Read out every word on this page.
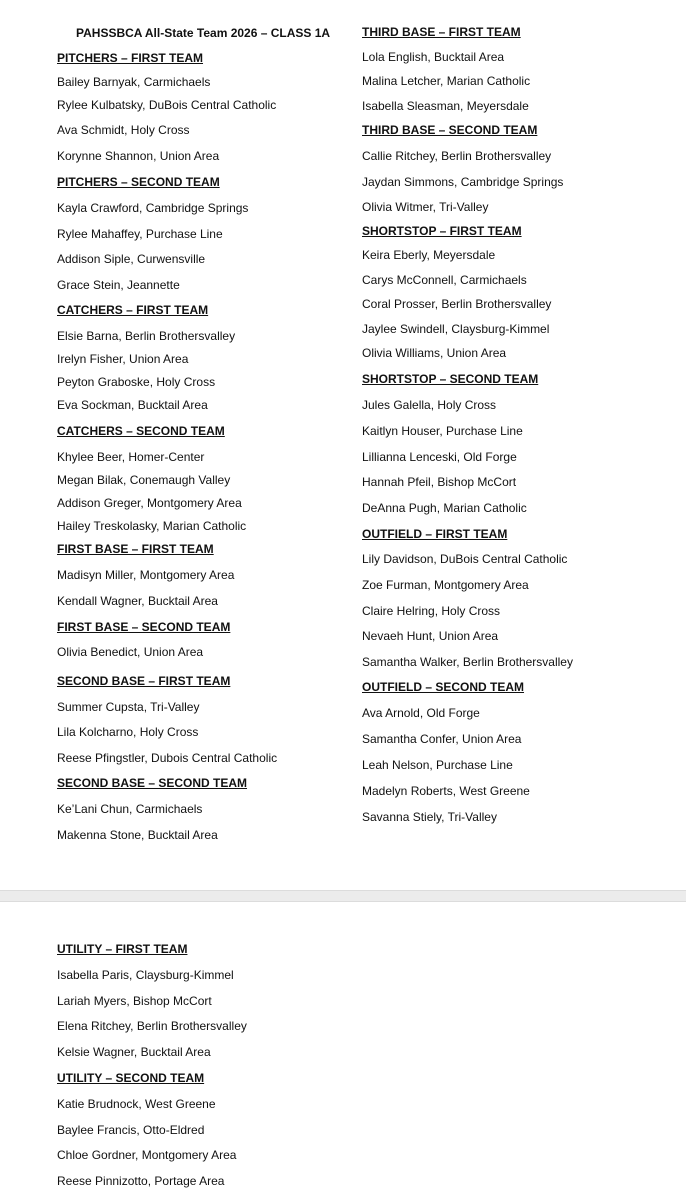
PAHSSBCA All-State Team 2026 – CLASS 1A
PITCHERS – FIRST TEAM
Bailey Barnyak, Carmichaels
Rylee Kulbatsky, DuBois Central Catholic
Ava Schmidt, Holy Cross
Korynne Shannon, Union Area
PITCHERS – SECOND TEAM
Kayla Crawford, Cambridge Springs
Rylee Mahaffey, Purchase Line
Addison Siple, Curwensville
Grace Stein, Jeannette
CATCHERS – FIRST TEAM
Elsie Barna, Berlin Brothersvalley
Irelyn Fisher, Union Area
Peyton Graboske, Holy Cross
Eva Sockman, Bucktail Area
CATCHERS – SECOND TEAM
Khylee Beer, Homer-Center
Megan Bilak, Conemaugh Valley
Addison Greger, Montgomery Area
Hailey Treskolasky, Marian Catholic
FIRST BASE – FIRST TEAM
Madisyn Miller, Montgomery Area
Kendall Wagner, Bucktail Area
FIRST BASE – SECOND TEAM
Olivia Benedict, Union Area
SECOND BASE – FIRST TEAM
Summer Cupsta, Tri-Valley
Lila Kolcharno, Holy Cross
Reese Pfingstler, Dubois Central Catholic
SECOND BASE – SECOND TEAM
Ke’Lani Chun, Carmichaels
Makenna Stone, Bucktail Area
THIRD BASE – FIRST TEAM
Lola English, Bucktail Area
Malina Letcher, Marian Catholic
Isabella Sleasman, Meyersdale
THIRD BASE – SECOND TEAM
Callie Ritchey, Berlin Brothersvalley
Jaydan Simmons, Cambridge Springs
Olivia Witmer, Tri-Valley
SHORTSTOP – FIRST TEAM
Keira Eberly, Meyersdale
Carys McConnell, Carmichaels
Coral Prosser, Berlin Brothersvalley
Jaylee Swindell, Claysburg-Kimmel
Olivia Williams, Union Area
SHORTSTOP – SECOND TEAM
Jules Galella, Holy Cross
Kaitlyn Houser, Purchase Line
Lillianna Lenceski, Old Forge
Hannah Pfeil, Bishop McCort
DeAnna Pugh, Marian Catholic
OUTFIELD – FIRST TEAM
Lily Davidson, DuBois Central Catholic
Zoe Furman, Montgomery Area
Claire Helring, Holy Cross
Nevaeh Hunt, Union Area
Samantha Walker, Berlin Brothersvalley
OUTFIELD – SECOND TEAM
Ava Arnold, Old Forge
Samantha Confer, Union Area
Leah Nelson, Purchase Line
Madelyn Roberts, West Greene
Savanna Stiely, Tri-Valley
UTILITY – FIRST TEAM
Isabella Paris, Claysburg-Kimmel
Lariah Myers, Bishop McCort
Elena Ritchey, Berlin Brothersvalley
Kelsie Wagner, Bucktail Area
UTILITY – SECOND TEAM
Katie Brudnock, West Greene
Baylee Francis, Otto-Eldred
Chloe Gordner, Montgomery Area
Reese Pinnizotto, Portage Area
